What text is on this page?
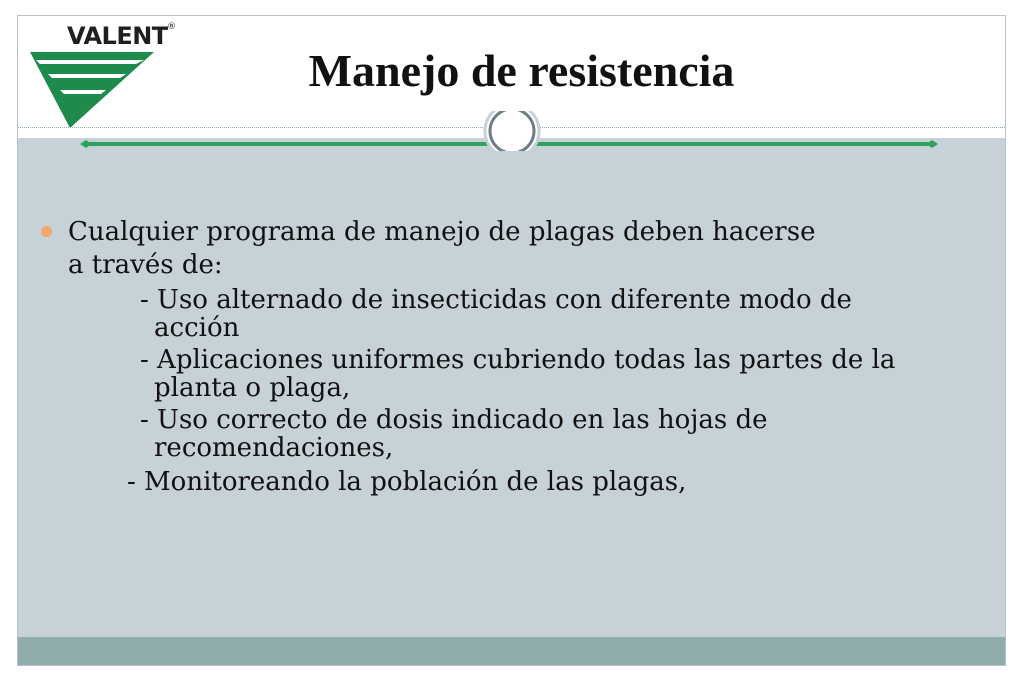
VALENT ®
Manejo de resistencia
Cualquier programa de manejo de plagas deben hacerse
a través de:
- Uso alternado de insecticidas con diferente modo de acción
- Aplicaciones uniformes cubriendo todas las partes de la planta o plaga,
- Uso correcto de dosis indicado en las hojas de recomendaciones,
- Monitoreando la población de las plagas,
